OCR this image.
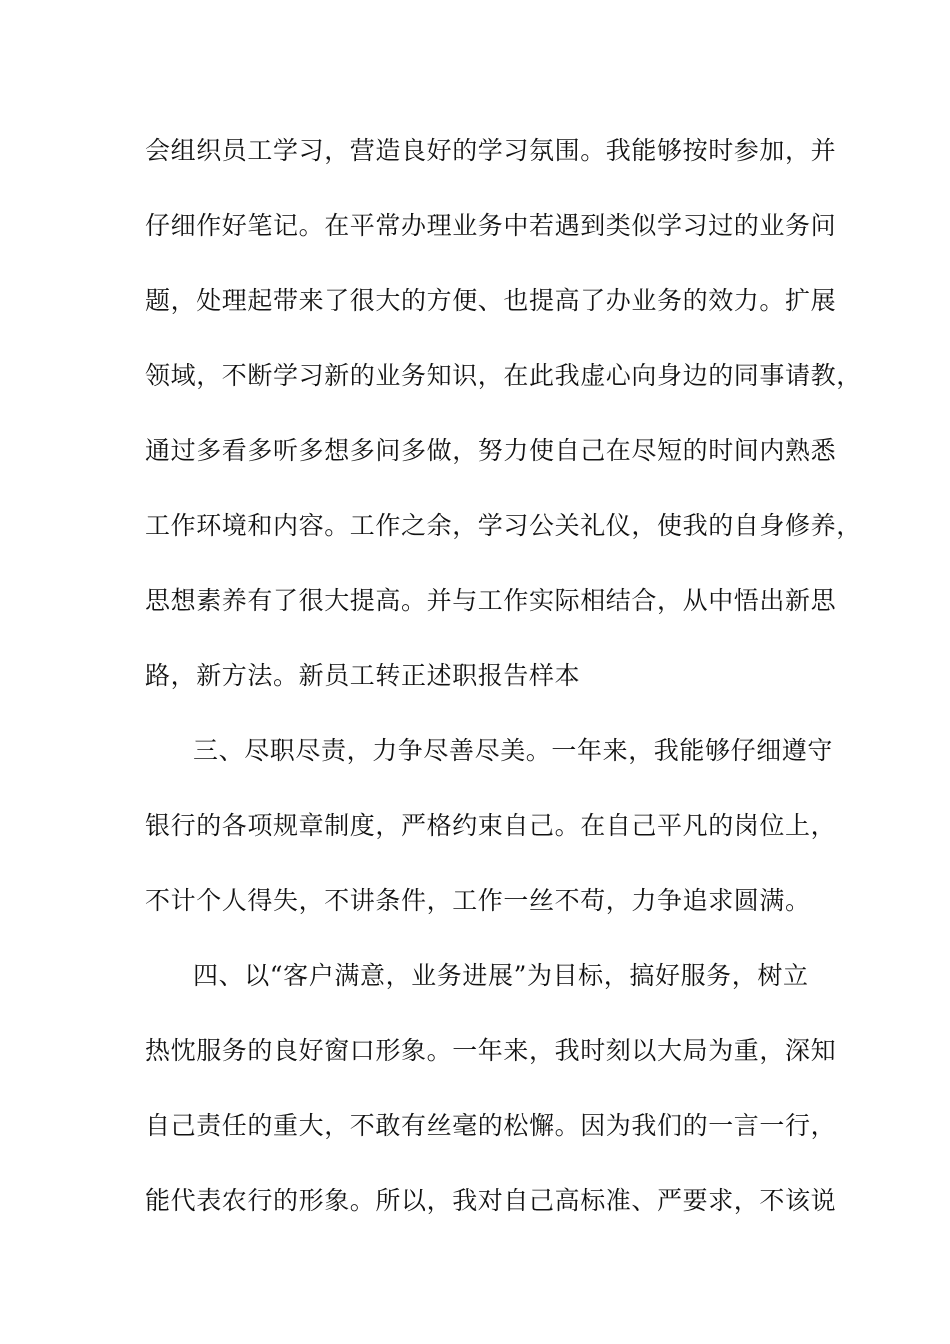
会组织员工学习，营造良好的学习氛围。我能够按时参加，并
仔细作好笔记。在平常办理业务中若遇到类似学习过的业务问
题，处理起带来了很大的方便、也提高了办业务的效力。扩展
领域，不断学习新的业务知识，在此我虚心向身边的同事请教，
通过多看多听多想多问多做，努力使自己在尽短的时间内熟悉
工作环境和内容。工作之余，学习公关礼仪，使我的自身修养，
思想素养有了很大提高。并与工作实际相结合，从中悟出新思
路，新方法。新员工转正述职报告样本
三、尽职尽责，力争尽善尽美。一年来，我能够仔细遵守
银行的各项规章制度，严格约束自己。在自己平凡的岗位上，
不计个人得失，不讲条件，工作一丝不苟，力争追求圆满。
四、以“客户满意，业务进展”为目标，搞好服务，树立
热忱服务的良好窗口形象。一年来，我时刻以大局为重，深知
自己责任的重大，不敢有丝毫的松懈。因为我们的一言一行，
能代表农行的形象。所以，我对自己高标准、严要求，不该说
